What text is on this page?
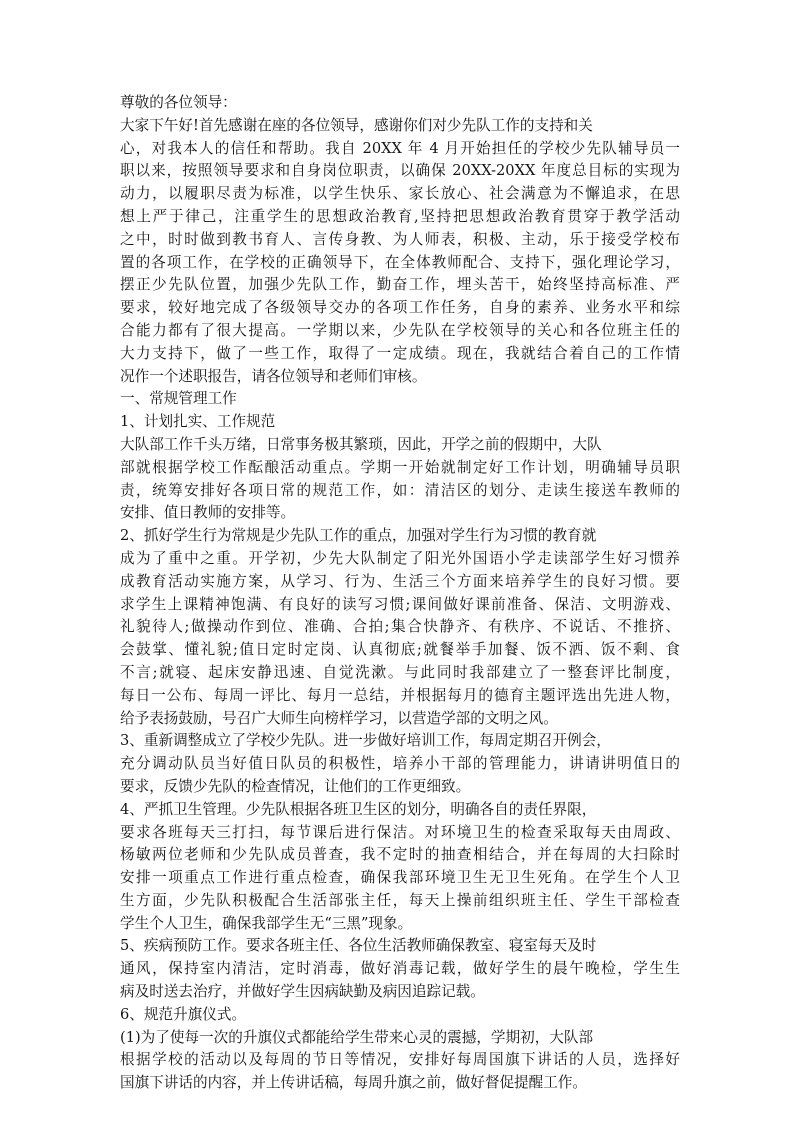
尊敬的各位领导：
大家下午好!首先感谢在座的各位领导，感谢你们对少先队工作的支持和关
心，对我本人的信任和帮助。我自 20XX 年 4 月开始担任的学校少先队辅导员一
职以来，按照领导要求和自身岗位职责，以确保 20XX-20XX 年度总目标的实现为
动力，以履职尽责为标准，以学生快乐、家长放心、社会满意为不懈追求，在思
想上严于律己，注重学生的思想政治教育,坚持把思想政治教育贯穿于教学活动
之中，时时做到教书育人、言传身教、为人师表，积极、主动，乐于接受学校布
置的各项工作，在学校的正确领导下，在全体教师配合、支持下，强化理论学习，
摆正少先队位置，加强少先队工作，勤奋工作，埋头苦干，始终坚持高标准、严
要求，较好地完成了各级领导交办的各项工作任务，自身的素养、业务水平和综
合能力都有了很大提高。一学期以来，少先队在学校领导的关心和各位班主任的
大力支持下，做了一些工作，取得了一定成绩。现在，我就结合着自己的工作情
况作一个述职报告，请各位领导和老师们审核。
一、常规管理工作
1、计划扎实、工作规范
大队部工作千头万绪，日常事务极其繁琐，因此，开学之前的假期中，大队
部就根据学校工作酝酿活动重点。学期一开始就制定好工作计划，明确辅导员职
责，统筹安排好各项日常的规范工作，如：清洁区的划分、走读生接送车教师的
安排、值日教师的安排等。
2、抓好学生行为常规是少先队工作的重点，加强对学生行为习惯的教育就
成为了重中之重。开学初，少先大队制定了阳光外国语小学走读部学生好习惯养
成教育活动实施方案，从学习、行为、生活三个方面来培养学生的良好习惯。要
求学生上课精神饱满、有良好的读写习惯;课间做好课前准备、保洁、文明游戏、
礼貌待人;做操动作到位、准确、合拍;集合快静齐、有秩序、不说话、不推挤、
会鼓掌、懂礼貌;值日定时定岗、认真彻底;就餐举手加餐、饭不洒、饭不剩、食
不言;就寝、起床安静迅速、自觉洗漱。与此同时我部建立了一整套评比制度，
每日一公布、每周一评比、每月一总结，并根据每月的德育主题评选出先进人物，
给予表扬鼓励，号召广大师生向榜样学习，以营造学部的文明之风。
3、重新调整成立了学校少先队。进一步做好培训工作，每周定期召开例会，
充分调动队员当好值日队员的积极性，培养小干部的管理能力，讲请讲明值日的
要求，反馈少先队的检查情况，让他们的工作更细致。
4、严抓卫生管理。少先队根据各班卫生区的划分，明确各自的责任界限，
要求各班每天三打扫，每节课后进行保洁。对环境卫生的检查采取每天由周政、
杨敏两位老师和少先队成员普查，我不定时的抽查相结合，并在每周的大扫除时
安排一项重点工作进行重点检查，确保我部环境卫生无卫生死角。在学生个人卫
生方面，少先队积极配合生活部张主任，每天上操前组织班主任、学生干部检查
学生个人卫生，确保我部学生无“三黑”现象。
5、疾病预防工作。要求各班主任、各位生活教师确保教室、寝室每天及时
通风，保持室内清洁，定时消毒，做好消毒记载，做好学生的晨午晚检，学生生
病及时送去治疗，并做好学生因病缺勤及病因追踪记载。
6、规范升旗仪式。
(1)为了使每一次的升旗仪式都能给学生带来心灵的震撼，学期初，大队部
根据学校的活动以及每周的节日等情况，安排好每周国旗下讲话的人员，选择好
国旗下讲话的内容，并上传讲话稿，每周升旗之前，做好督促提醒工作。
